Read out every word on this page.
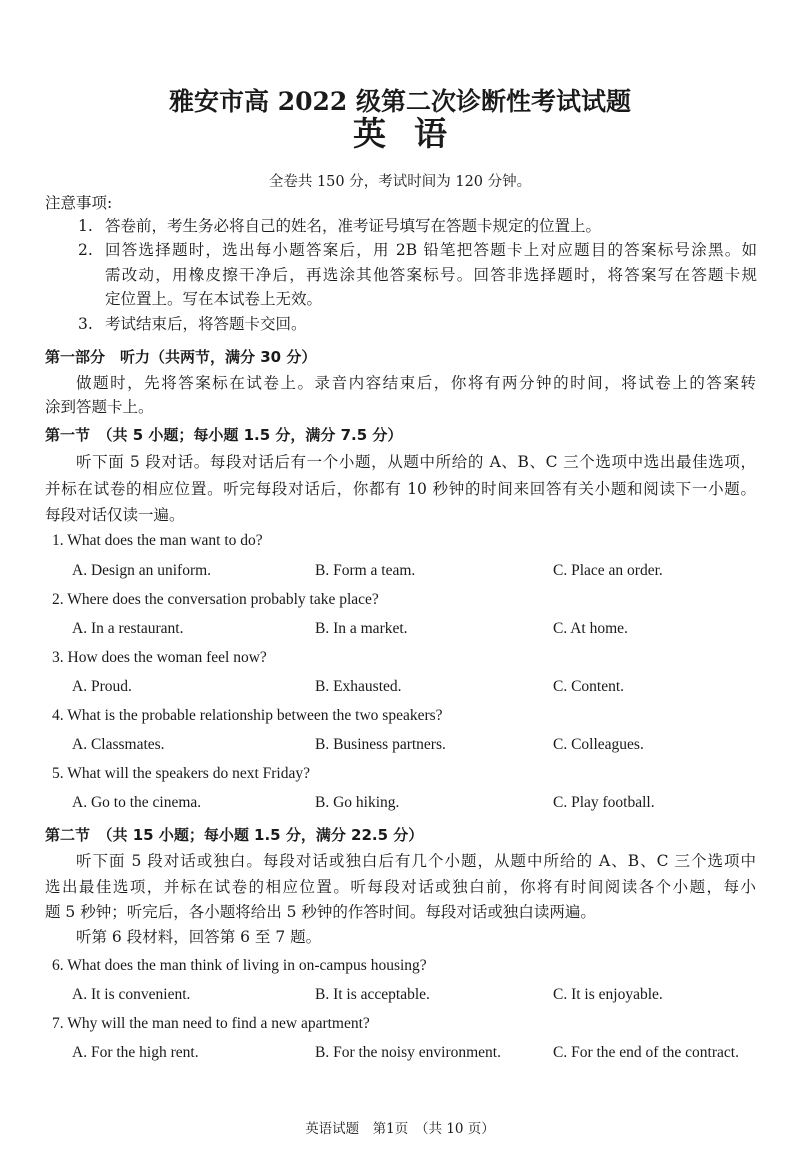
雅安市高 2022 级第二次诊断性考试试题
英语
全卷共 150 分，考试时间为 120 分钟。
注意事项:
1. 答卷前，考生务必将自己的姓名，准考证号填写在答题卡规定的位置上。
2. 回答选择题时，选出每小题答案后，用 2B 铅笔把答题卡上对应题目的答案标号涂黑。如
需改动，用橡皮擦干净后，再选涂其他答案标号。回答非选择题时，将答案写在答题卡规
定位置上。写在本试卷上无效。
3. 考试结束后，将答题卡交回。
第一部分　听力（共两节，满分 30 分）
做题时，先将答案标在试卷上。录音内容结束后，你将有两分钟的时间，将试卷上的答案转
涂到答题卡上。
第一节　（共 5 小题；每小题 1.5 分，满分 7.5 分）
听下面 5 段对话。每段对话后有一个小题，从题中所给的 A、B、C 三个选项中选出最佳选项，
并标在试卷的相应位置。听完每段对话后，你都有 10 秒钟的时间来回答有关小题和阅读下一小题。
每段对话仅读一遍。
1. What does the man want to do?
A. Design an uniform.	B. Form a team.	C. Place an order.
2. Where does the conversation probably take place?
A. In a restaurant.	B. In a market.	C. At home.
3. How does the woman feel now?
A. Proud.	B. Exhausted.	C. Content.
4. What is the probable relationship between the two speakers?
A. Classmates.	B. Business partners.	C. Colleagues.
5. What will the speakers do next Friday?
A. Go to the cinema.	B. Go hiking.	C. Play football.
第二节　（共 15 小题；每小题 1.5 分，满分 22.5 分）
听下面 5 段对话或独白。每段对话或独白后有几个小题，从题中所给的 A、B、C 三个选项中
选出最佳选项，并标在试卷的相应位置。听每段对话或独白前，你将有时间阅读各个小题，每小
题 5 秒钟；听完后，各小题将给出 5 秒钟的作答时间。每段对话或独白读两遍。
听第 6 段材料，回答第 6 至 7 题。
6. What does the man think of living in on-campus housing?
A. It is convenient.	B. It is acceptable.	C. It is enjoyable.
7. Why will the man need to find a new apartment?
A. For the high rent.	B. For the noisy environment.	C. For the end of the contract.
英语试题　第1页　（共 10 页）
